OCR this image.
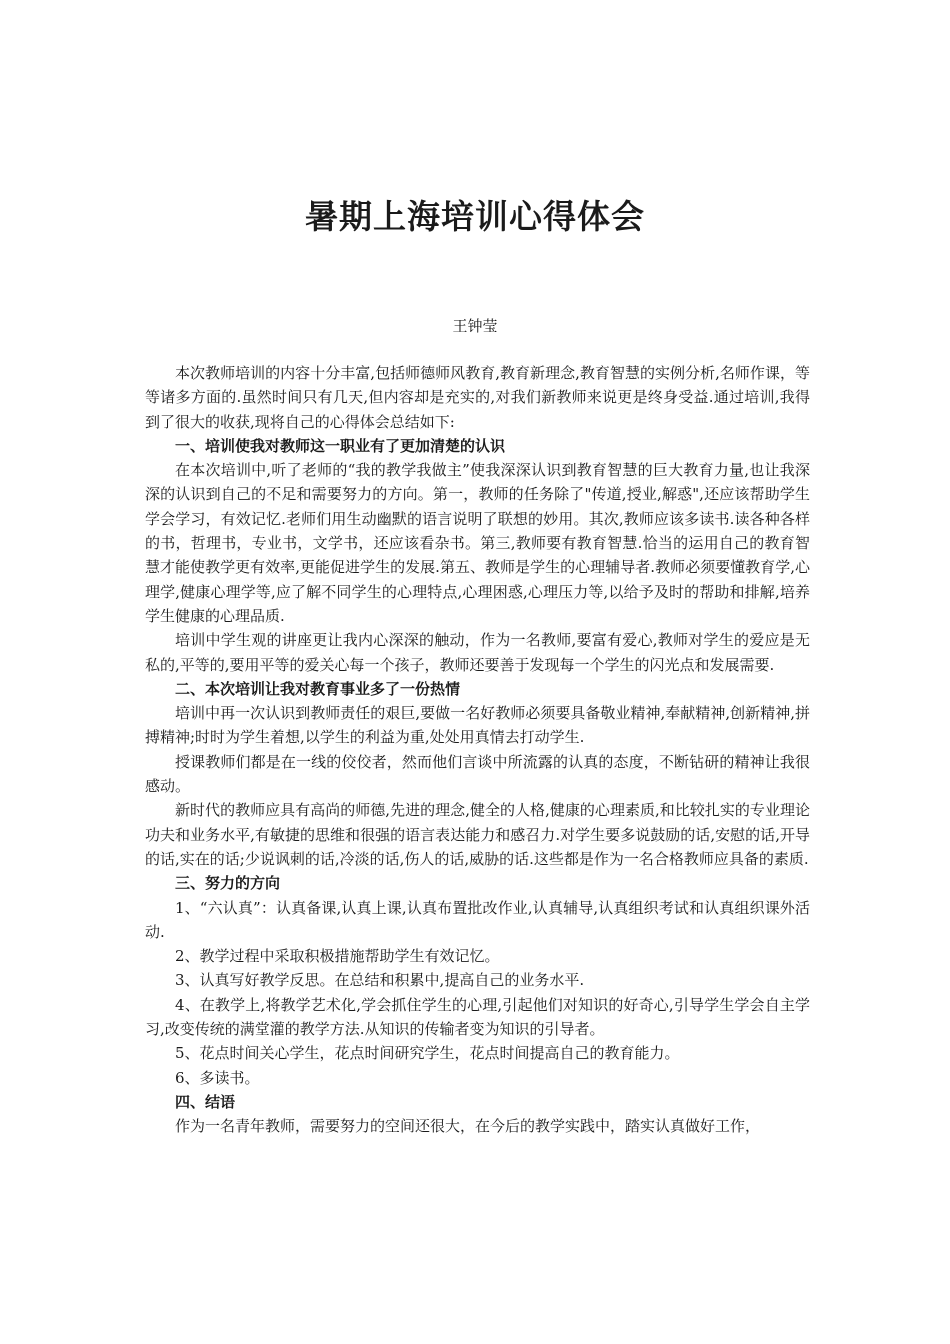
暑期上海培训心得体会
王钟莹

本次教师培训的内容十分丰富,包括师德师风教育,教育新理念,教育智慧的实例分析,名师作课，等等诸多方面的.虽然时间只有几天,但内容却是充实的,对我们新教师来说更是终身受益.通过培训,我得到了很大的收获,现将自己的心得体会总结如下:

一、培训使我对教师这一职业有了更加清楚的认识

在本次培训中,听了老师的“我的教学我做主”使我深深认识到教育智慧的巨大教育力量,也让我深深的认识到自己的不足和需要努力的方向。第一，教师的任务除了"传道,授业,解惑",还应该帮助学生学会学习，有效记忆.老师们用生动幽默的语言说明了联想的妙用。其次,教师应该多读书.读各种各样的书，哲理书，专业书，文学书，还应该看杂书。第三,教师要有教育智慧.恰当的运用自己的教育智慧才能使教学更有效率,更能促进学生的发展.第五、教师是学生的心理辅导者.教师必须要懂教育学,心理学,健康心理学等,应了解不同学生的心理特点,心理困惑,心理压力等,以给予及时的帮助和排解,培养学生健康的心理品质.

培训中学生观的讲座更让我内心深深的触动，作为一名教师,要富有爱心,教师对学生的爱应是无私的,平等的,要用平等的爱关心每一个孩子，教师还要善于发现每一个学生的闪光点和发展需要.

二、本次培训让我对教育事业多了一份热情

培训中再一次认识到教师责任的艰巨,要做一名好教师必须要具备敬业精神,奉献精神,创新精神,拼搏精神;时时为学生着想,以学生的利益为重,处处用真情去打动学生.

授课教师们都是在一线的佼佼者，然而他们言谈中所流露的认真的态度，不断钻研的精神让我很感动。

新时代的教师应具有高尚的师德,先进的理念,健全的人格,健康的心理素质,和比较扎实的专业理论功夫和业务水平,有敏捷的思维和很强的语言表达能力和感召力.对学生要多说鼓励的话,安慰的话,开导的话,实在的话;少说讽刺的话,冷淡的话,伤人的话,威胁的话.这些都是作为一名合格教师应具备的素质.

三、努力的方向

1、“六认真”：认真备课,认真上课,认真布置批改作业,认真辅导,认真组织考试和认真组织课外活动.

2、教学过程中采取积极措施帮助学生有效记忆。

3、认真写好教学反思。在总结和积累中,提高自己的业务水平.

4、在教学上,将教学艺术化,学会抓住学生的心理,引起他们对知识的好奇心,引导学生学会自主学习,改变传统的满堂灌的教学方法.从知识的传输者变为知识的引导者。

5、花点时间关心学生，花点时间研究学生，花点时间提高自己的教育能力。

6、多读书。

四、结语

作为一名青年教师，需要努力的空间还很大，在今后的教学实践中，踏实认真做好工作，
